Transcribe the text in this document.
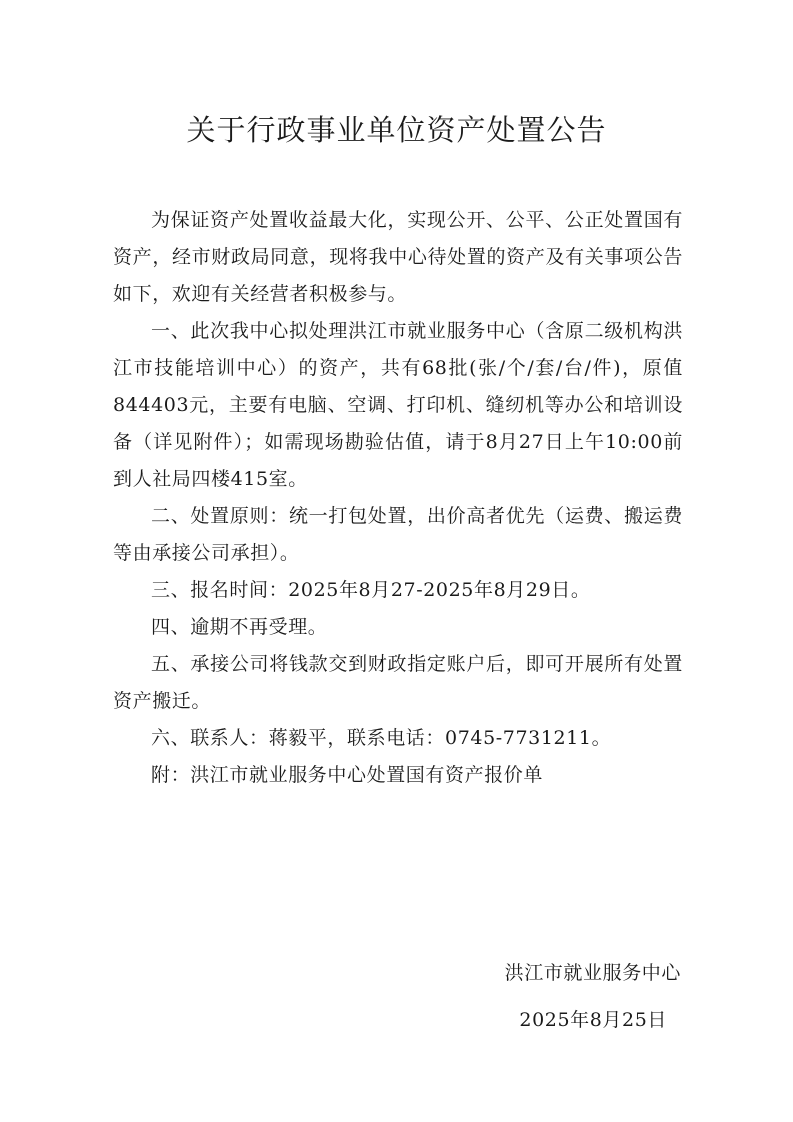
关于行政事业单位资产处置公告

为保证资产处置收益最大化，实现公开、公平、公正处置国有资产，经市财政局同意，现将我中心待处置的资产及有关事项公告如下，欢迎有关经营者积极参与。

一、此次我中心拟处理洪江市就业服务中心（含原二级机构洪江市技能培训中心）的资产，共有68批(张/个/套/台/件)，原值844403元，主要有电脑、空调、打印机、缝纫机等办公和培训设备（详见附件）；如需现场勘验估值，请于8月27日上午10:00前到人社局四楼415室。

二、处置原则：统一打包处置，出价高者优先（运费、搬运费等由承接公司承担）。

三、报名时间：2025年8月27-2025年8月29日。

四、逾期不再受理。

五、承接公司将钱款交到财政指定账户后，即可开展所有处置资产搬迁。

六、联系人：蒋毅平，联系电话：0745-7731211。

附：洪江市就业服务中心处置国有资产报价单

洪江市就业服务中心
2025年8月25日
